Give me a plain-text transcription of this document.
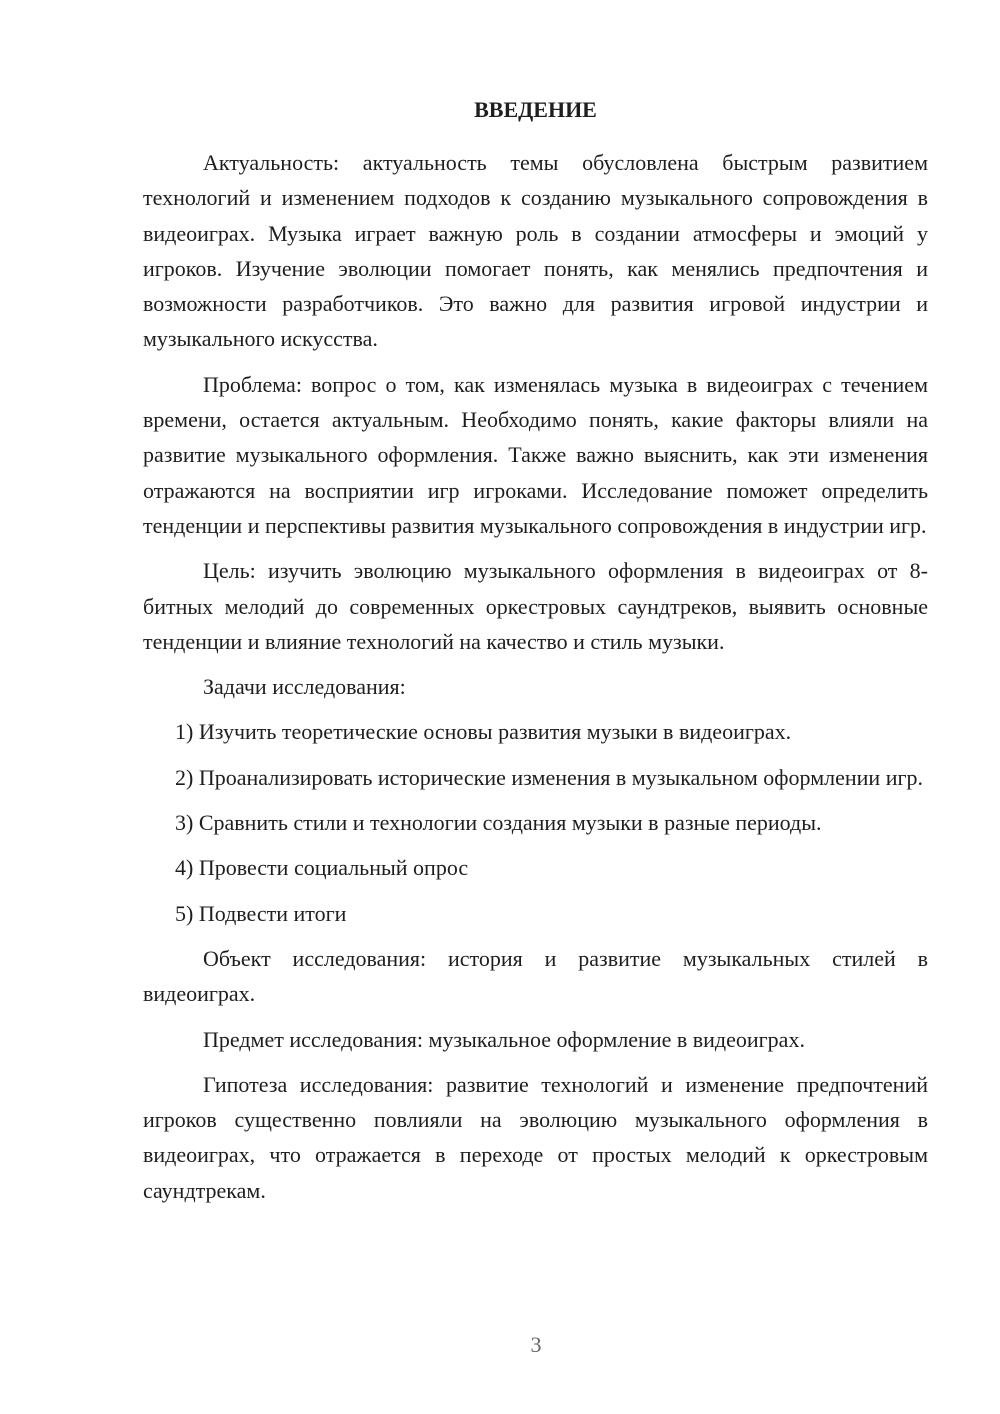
ВВЕДЕНИЕ

Актуальность: актуальность темы обусловлена быстрым развитием технологий и изменением подходов к созданию музыкального сопровождения в видеоиграх. Музыка играет важную роль в создании атмосферы и эмоций у игроков. Изучение эволюции помогает понять, как менялись предпочтения и возможности разработчиков. Это важно для развития игровой индустрии и музыкального искусства.

Проблема: вопрос о том, как изменялась музыка в видеоиграх с течением времени, остается актуальным. Необходимо понять, какие факторы влияли на развитие музыкального оформления. Также важно выяснить, как эти изменения отражаются на восприятии игр игроками. Исследование поможет определить тенденции и перспективы развития музыкального сопровождения в индустрии игр.

Цель: изучить эволюцию музыкального оформления в видеоиграх от 8-битных мелодий до современных оркестровых саундтреков, выявить основные тенденции и влияние технологий на качество и стиль музыки.

Задачи исследования:

1) Изучить теоретические основы развития музыки в видеоиграх.

2) Проанализировать исторические изменения в музыкальном оформлении игр.

3) Сравнить стили и технологии создания музыки в разные периоды.

4) Провести социальный опрос

5) Подвести итоги

Объект исследования: история и развитие музыкальных стилей в видеоиграх.

Предмет исследования: музыкальное оформление в видеоиграх.

Гипотеза исследования: развитие технологий и изменение предпочтений игроков существенно повлияли на эволюцию музыкального оформления в видеоиграх, что отражается в переходе от простых мелодий к оркестровым саундтрекам.

3
